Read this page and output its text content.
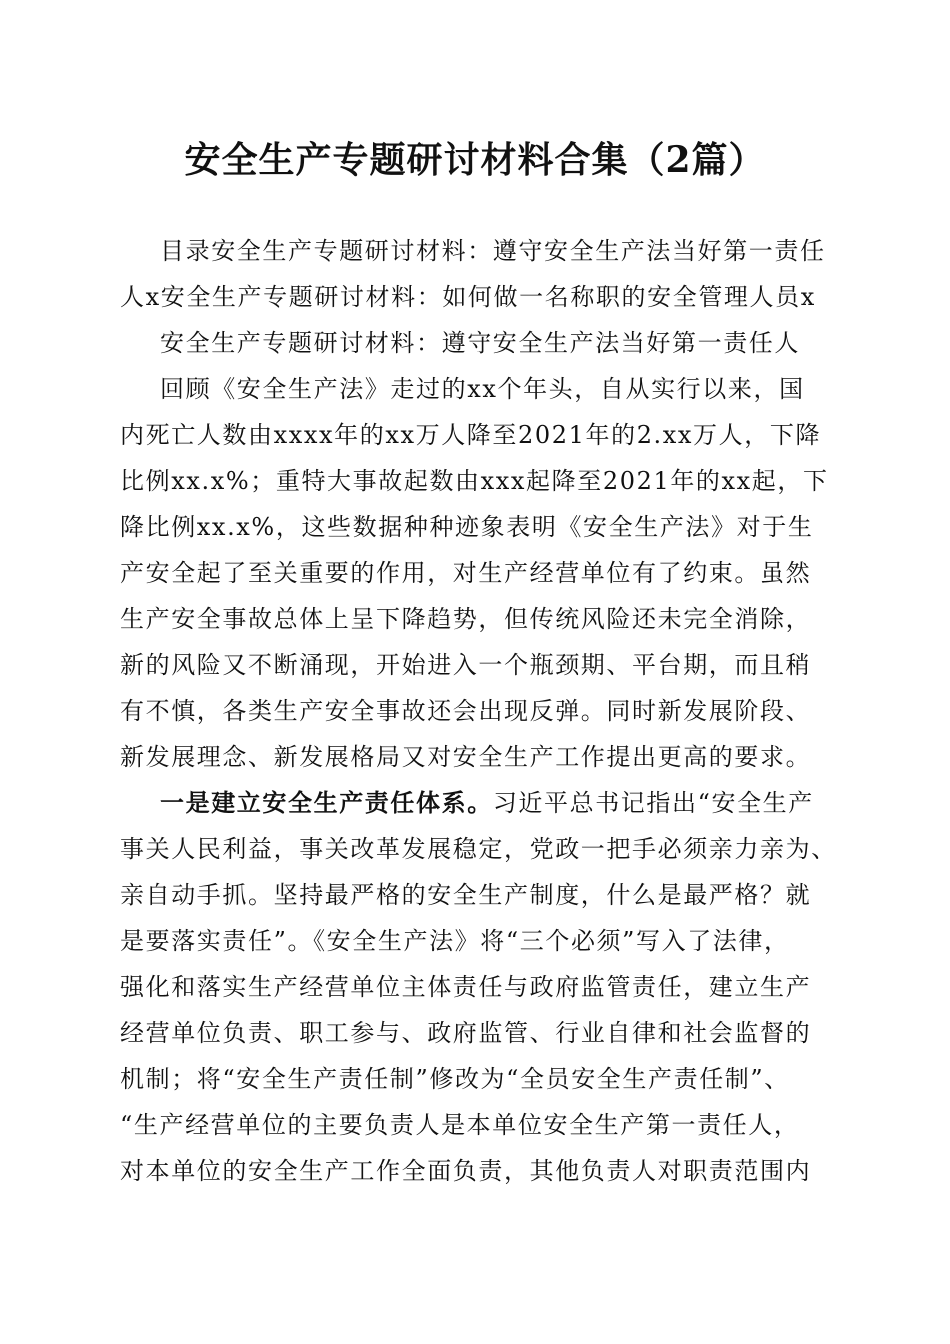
安全生产专题研讨材料合集（2篇）
目录安全生产专题研讨材料：遵守安全生产法当好第一责任
人x安全生产专题研讨材料：如何做一名称职的安全管理人员x
安全生产专题研讨材料：遵守安全生产法当好第一责任人
回顾《安全生产法》走过的xx个年头，自从实行以来，国
内死亡人数由xxxx年的xx万人降至2021年的2.xx万人，下降
比例xx.x%；重特大事故起数由xxx起降至2021年的xx起，下
降比例xx.x%，这些数据种种迹象表明《安全生产法》对于生
产安全起了至关重要的作用，对生产经营单位有了约束。虽然
生产安全事故总体上呈下降趋势，但传统风险还未完全消除，
新的风险又不断涌现，开始进入一个瓶颈期、平台期，而且稍
有不慎，各类生产安全事故还会出现反弹。同时新发展阶段、
新发展理念、新发展格局又对安全生产工作提出更高的要求。
一是建立安全生产责任体系。习近平总书记指出“安全生产
事关人民利益，事关改革发展稳定，党政一把手必须亲力亲为、
亲自动手抓。坚持最严格的安全生产制度，什么是最严格？就
是要落实责任”。《安全生产法》将“三个必须”写入了法律，
强化和落实生产经营单位主体责任与政府监管责任，建立生产
经营单位负责、职工参与、政府监管、行业自律和社会监督的
机制；将“安全生产责任制”修改为“全员安全生产责任制”、
“生产经营单位的主要负责人是本单位安全生产第一责任人，
对本单位的安全生产工作全面负责，其他负责人对职责范围内
